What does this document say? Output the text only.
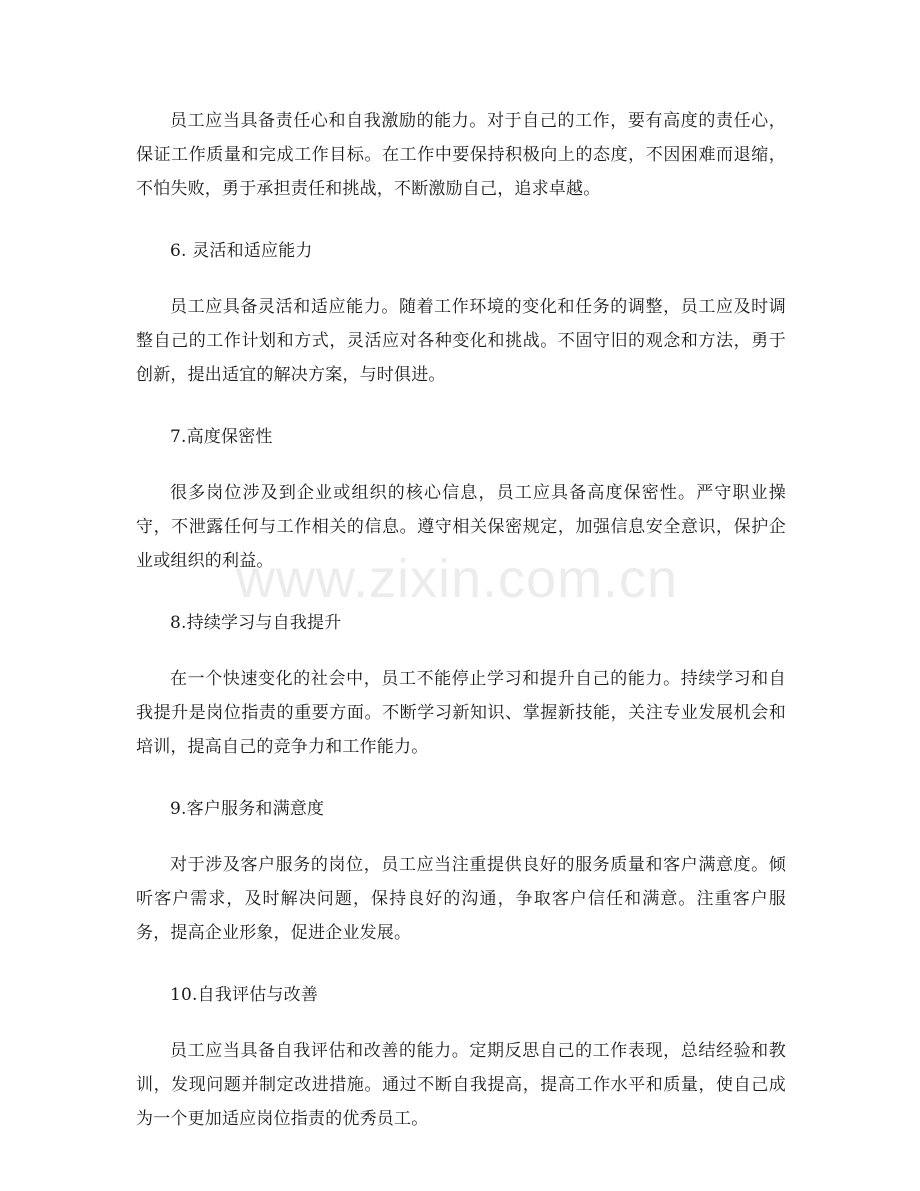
www.zixin.com.cn

员工应当具备责任心和自我激励的能力。对于自己的工作，要有高度的责任心，保证工作质量和完成工作目标。在工作中要保持积极向上的态度，不因困难而退缩，不怕失败，勇于承担责任和挑战，不断激励自己，追求卓越。

6. 灵活和适应能力

员工应具备灵活和适应能力。随着工作环境的变化和任务的调整，员工应及时调整自己的工作计划和方式，灵活应对各种变化和挑战。不固守旧的观念和方法，勇于创新，提出适宜的解决方案，与时俱进。

7.高度保密性

很多岗位涉及到企业或组织的核心信息，员工应具备高度保密性。严守职业操守，不泄露任何与工作相关的信息。遵守相关保密规定，加强信息安全意识，保护企业或组织的利益。

8.持续学习与自我提升

在一个快速变化的社会中，员工不能停止学习和提升自己的能力。持续学习和自我提升是岗位指责的重要方面。不断学习新知识、掌握新技能，关注专业发展机会和培训，提高自己的竞争力和工作能力。

9.客户服务和满意度

对于涉及客户服务的岗位，员工应当注重提供良好的服务质量和客户满意度。倾听客户需求，及时解决问题，保持良好的沟通，争取客户信任和满意。注重客户服务，提高企业形象，促进企业发展。

10.自我评估与改善

员工应当具备自我评估和改善的能力。定期反思自己的工作表现，总结经验和教训，发现问题并制定改进措施。通过不断自我提高，提高工作水平和质量，使自己成为一个更加适应岗位指责的优秀员工。
